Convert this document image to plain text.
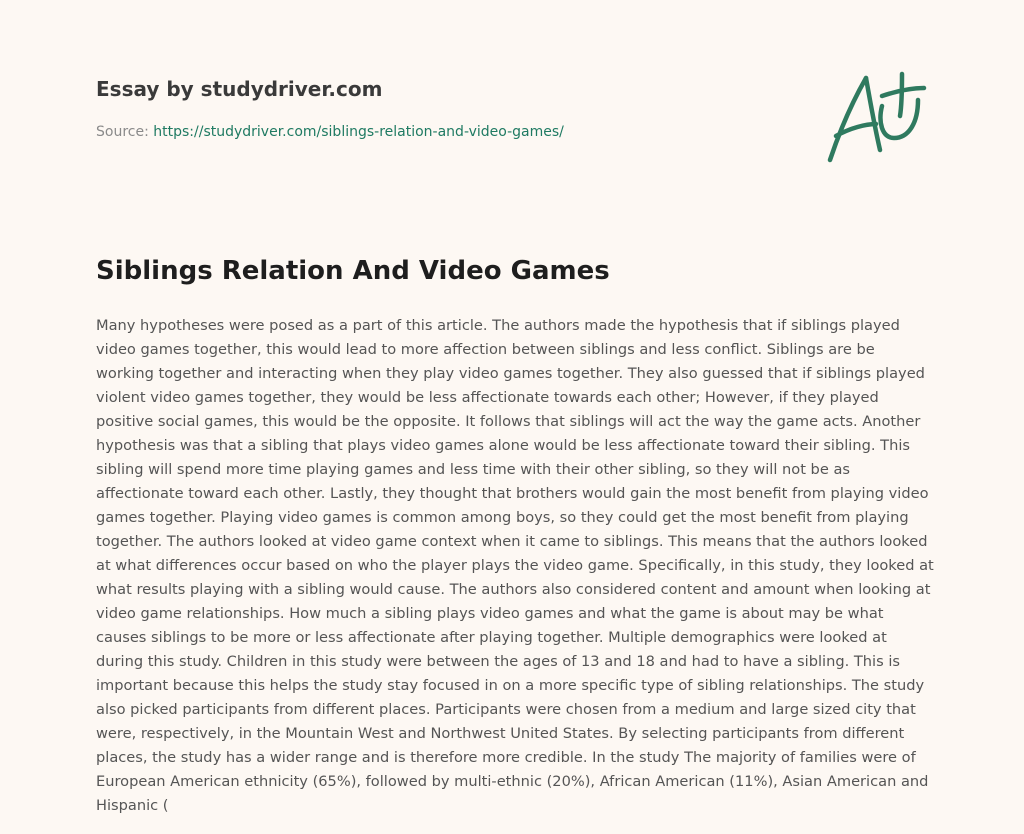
Essay by studydriver.com
Source: https://studydriver.com/siblings-relation-and-video-games/
Siblings Relation And Video Games

Many hypotheses were posed as a part of this article. The authors made the hypothesis that if siblings played video games together, this would lead to more affection between siblings and less conflict. Siblings are be working together and interacting when they play video games together. They also guessed that if siblings played violent video games together, they would be less affectionate towards each other; However, if they played positive social games, this would be the opposite. It follows that siblings will act the way the game acts. Another hypothesis was that a sibling that plays video games alone would be less affectionate toward their sibling. This sibling will spend more time playing games and less time with their other sibling, so they will not be as affectionate toward each other. Lastly, they thought that brothers would gain the most benefit from playing video games together. Playing video games is common among boys, so they could get the most benefit from playing together. The authors looked at video game context when it came to siblings. This means that the authors looked at what differences occur based on who the player plays the video game. Specifically, in this study, they looked at what results playing with a sibling would cause. The authors also considered content and amount when looking at video game relationships. How much a sibling plays video games and what the game is about may be what causes siblings to be more or less affectionate after playing together. Multiple demographics were looked at during this study. Children in this study were between the ages of 13 and 18 and had to have a sibling. This is important because this helps the study stay focused in on a more specific type of sibling relationships. The study also picked participants from different places. Participants were chosen from a medium and large sized city that were, respectively, in the Mountain West and Northwest United States. By selecting participants from different places, the study has a wider range and is therefore more credible. In the study The majority of families were of European American ethnicity (65%), followed by multi-ethnic (20%), African American (11%), Asian American and Hispanic (
